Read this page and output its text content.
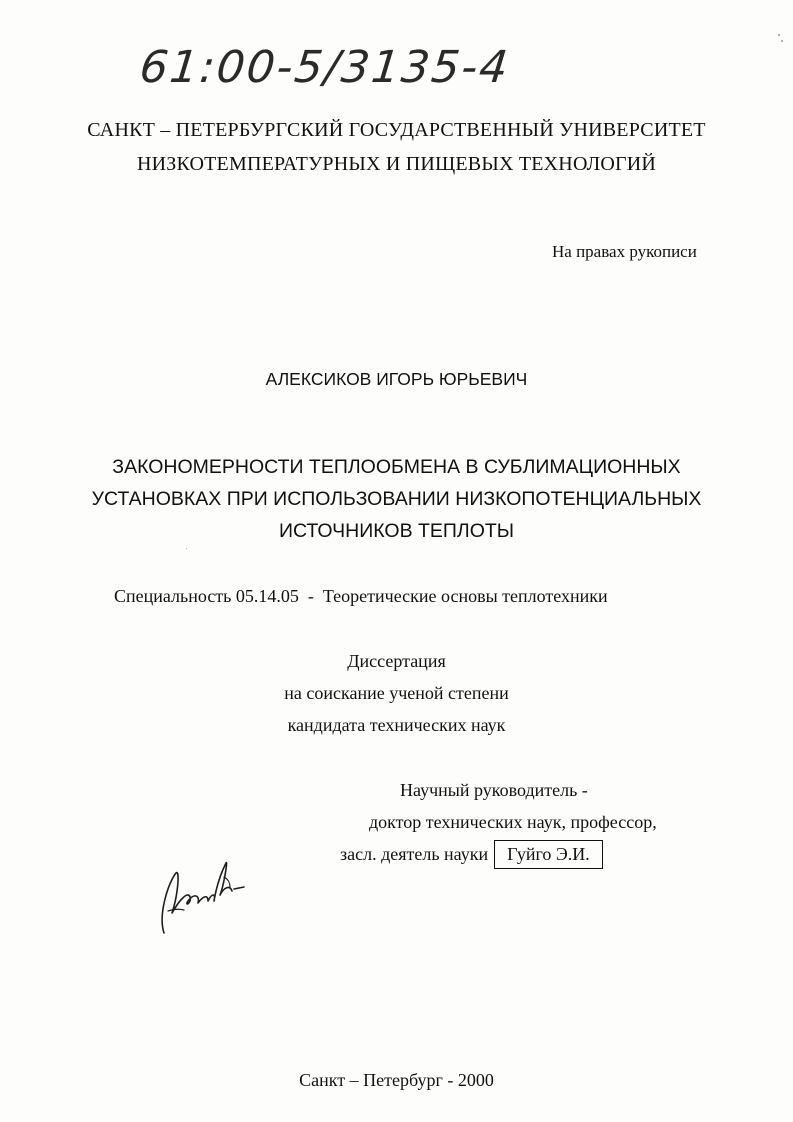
61:00-5/3135-4
САНКТ – ПЕТЕРБУРГСКИЙ ГОСУДАРСТВЕННЫЙ УНИВЕРСИТЕТ
НИЗКОТЕМПЕРАТУРНЫХ И ПИЩЕВЫХ ТЕХНОЛОГИЙ
На правах рукописи
АЛЕКСИКОВ ИГОРЬ ЮРЬЕВИЧ
ЗАКОНОМЕРНОСТИ ТЕПЛООБМЕНА В СУБЛИМАЦИОННЫХ
УСТАНОВКАХ ПРИ ИСПОЛЬЗОВАНИИ НИЗКОПОТЕНЦИАЛЬНЫХ
ИСТОЧНИКОВ ТЕПЛОТЫ
Специальность 05.14.05  -  Теоретические основы теплотехники
Диссертация
на соискание ученой степени
кандидата технических наук
Научный руководитель -
доктор технических наук, профессор,
засл. деятель науки Гуйго Э.И.
Санкт – Петербург - 2000
